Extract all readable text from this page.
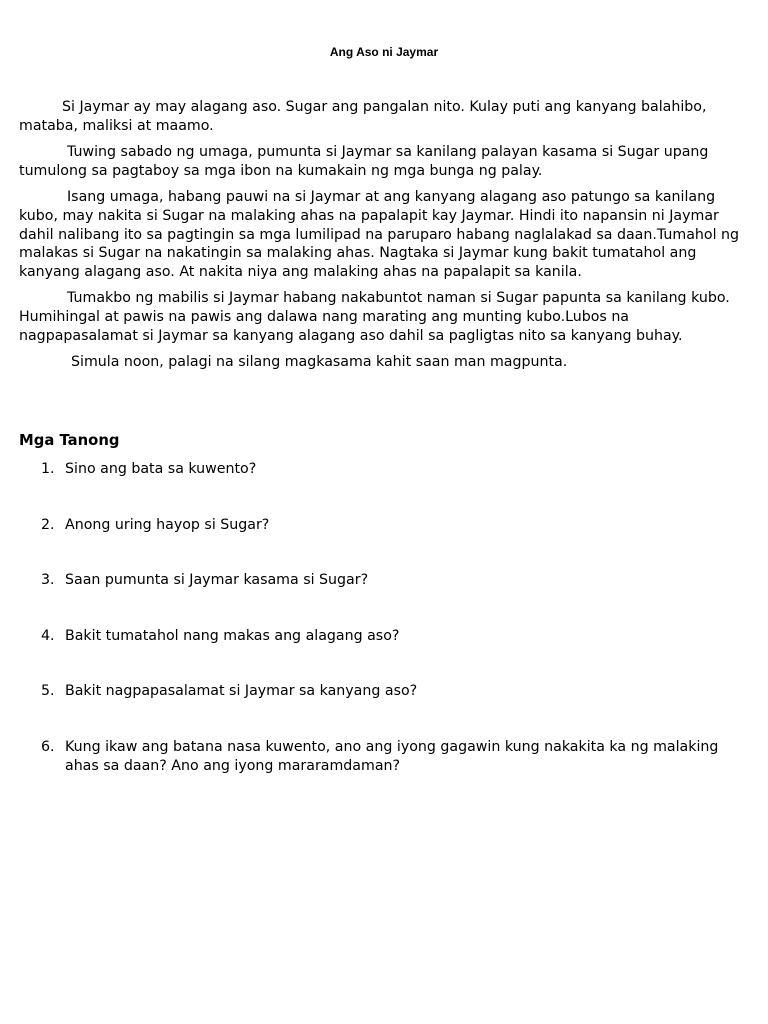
Ang Aso ni Jaymar

Si Jaymar ay may alagang aso. Sugar ang pangalan nito. Kulay puti ang kanyang balahibo, mataba, maliksi at maamo.

Tuwing sabado ng umaga, pumunta si Jaymar sa kanilang palayan kasama si Sugar upang tumulong sa pagtaboy sa mga ibon na kumakain ng mga bunga ng palay.

Isang umaga, habang pauwi na si Jaymar at ang kanyang alagang aso patungo sa kanilang kubo, may nakita si Sugar na malaking ahas na papalapit kay Jaymar. Hindi ito napansin ni Jaymar dahil nalibang ito sa pagtingin sa mga lumilipad na paruparo habang naglalakad sa daan.Tumahol ng malakas si Sugar na nakatingin sa malaking ahas. Nagtaka si Jaymar kung bakit tumatahol ang kanyang alagang aso. At nakita niya ang malaking ahas na papalapit sa kanila.

Tumakbo ng mabilis si Jaymar habang nakabuntot naman si Sugar papunta sa kanilang kubo. Humihingal at pawis na pawis ang dalawa nang marating ang munting kubo.Lubos na nagpapasalamat si Jaymar sa kanyang alagang aso dahil sa pagligtas nito sa kanyang buhay.

Simula noon, palagi na silang magkasama kahit saan man magpunta.

Mga Tanong
1. Sino ang bata sa kuwento?
2. Anong uring hayop si Sugar?
3. Saan pumunta si Jaymar kasama si Sugar?
4. Bakit tumatahol nang makas ang alagang aso?
5. Bakit nagpapasalamat si Jaymar sa kanyang aso?
6. Kung ikaw ang batana nasa kuwento, ano ang iyong gagawin kung nakakita ka ng malaking ahas sa daan? Ano ang iyong mararamdaman?
